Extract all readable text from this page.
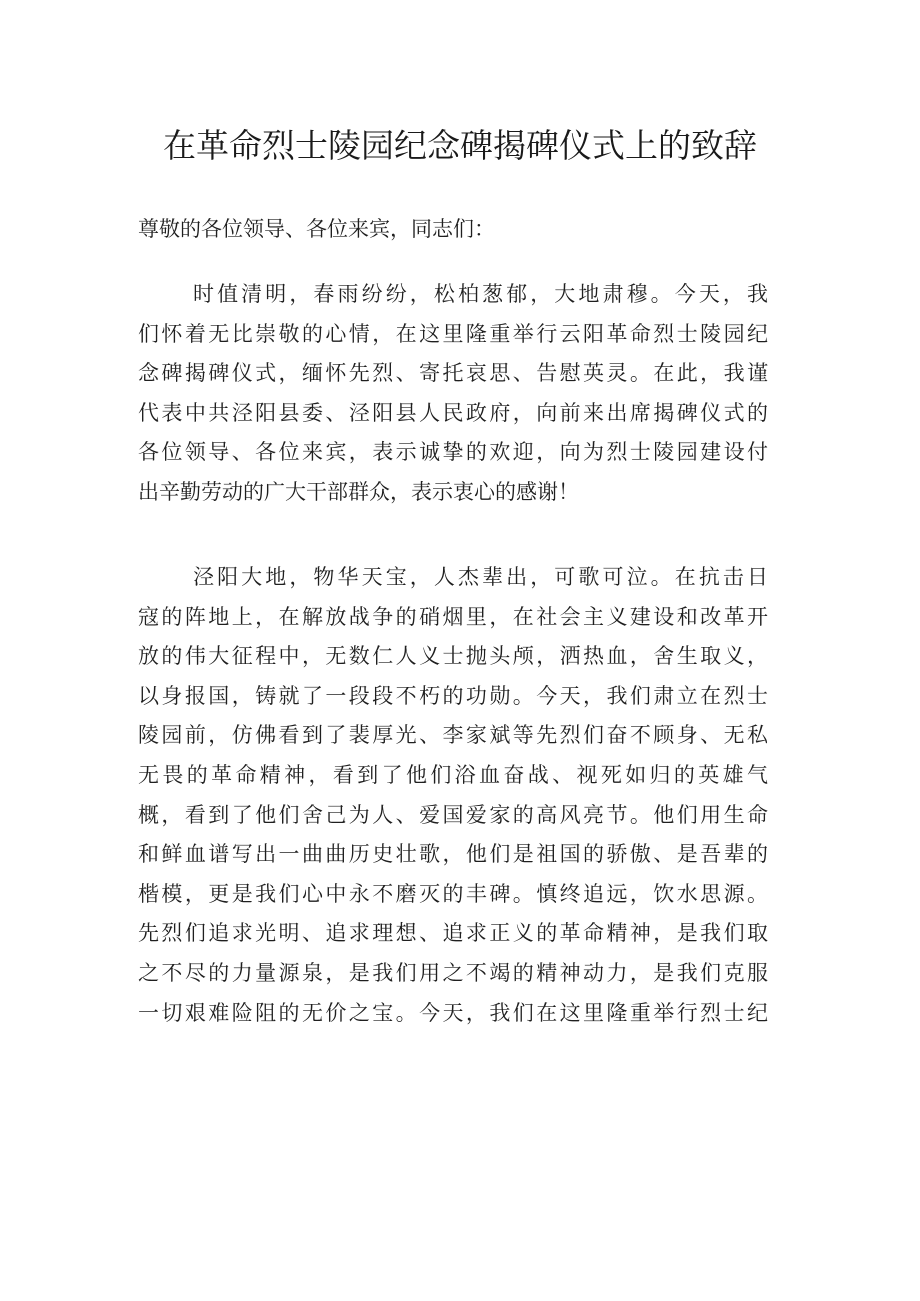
在革命烈士陵园纪念碑揭碑仪式上的致辞
尊敬的各位领导、各位来宾，同志们：
时值清明，春雨纷纷，松柏葱郁，大地肃穆。今天，我
们怀着无比崇敬的心情，在这里隆重举行云阳革命烈士陵园纪
念碑揭碑仪式，缅怀先烈、寄托哀思、告慰英灵。在此，我谨
代表中共泾阳县委、泾阳县人民政府，向前来出席揭碑仪式的
各位领导、各位来宾，表示诚挚的欢迎，向为烈士陵园建设付
出辛勤劳动的广大干部群众，表示衷心的感谢！
泾阳大地，物华天宝，人杰辈出，可歌可泣。在抗击日
寇的阵地上，在解放战争的硝烟里，在社会主义建设和改革开
放的伟大征程中，无数仁人义士抛头颅，洒热血，舍生取义，
以身报国，铸就了一段段不朽的功勋。今天，我们肃立在烈士
陵园前，仿佛看到了裴厚光、李家斌等先烈们奋不顾身、无私
无畏的革命精神，看到了他们浴血奋战、视死如归的英雄气
概，看到了他们舍己为人、爱国爱家的高风亮节。他们用生命
和鲜血谱写出一曲曲历史壮歌，他们是祖国的骄傲、是吾辈的
楷模，更是我们心中永不磨灭的丰碑。慎终追远，饮水思源。
先烈们追求光明、追求理想、追求正义的革命精神，是我们取
之不尽的力量源泉，是我们用之不竭的精神动力，是我们克服
一切艰难险阻的无价之宝。今天，我们在这里隆重举行烈士纪
